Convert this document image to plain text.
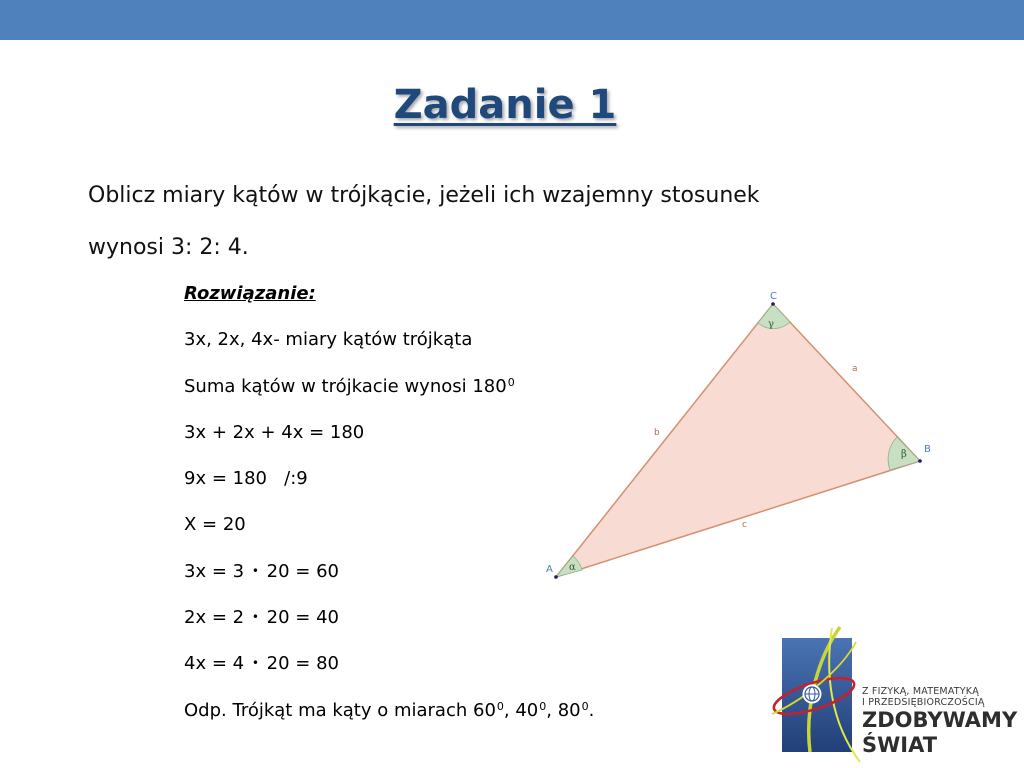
Zadanie 1

Oblicz miary kątów w trójkącie, jeżeli ich wzajemny stosunek
wynosi 3: 2: 4.

Rozwiązanie:
3x, 2x, 4x- miary kątów trójkąta
Suma kątów w trójkacie wynosi $180^0$
3x + 2x + 4x = 180
9x = 180   /:9
X = 20
3x = 3 • 20 = 60
2x = 2 • 20 = 40
4x = 4 • 20 = 80
Odp. Trójkąt ma kąty o miarach $60^0$, $40^0$, $80^0$.
A
C
B
a
b
c
α
γ
β
Z FIZYKĄ, MATEMATYKĄ
I PRZEDSIĘBIORCZOŚCIĄ
ZDOBYWAMY
ŚWIAT
